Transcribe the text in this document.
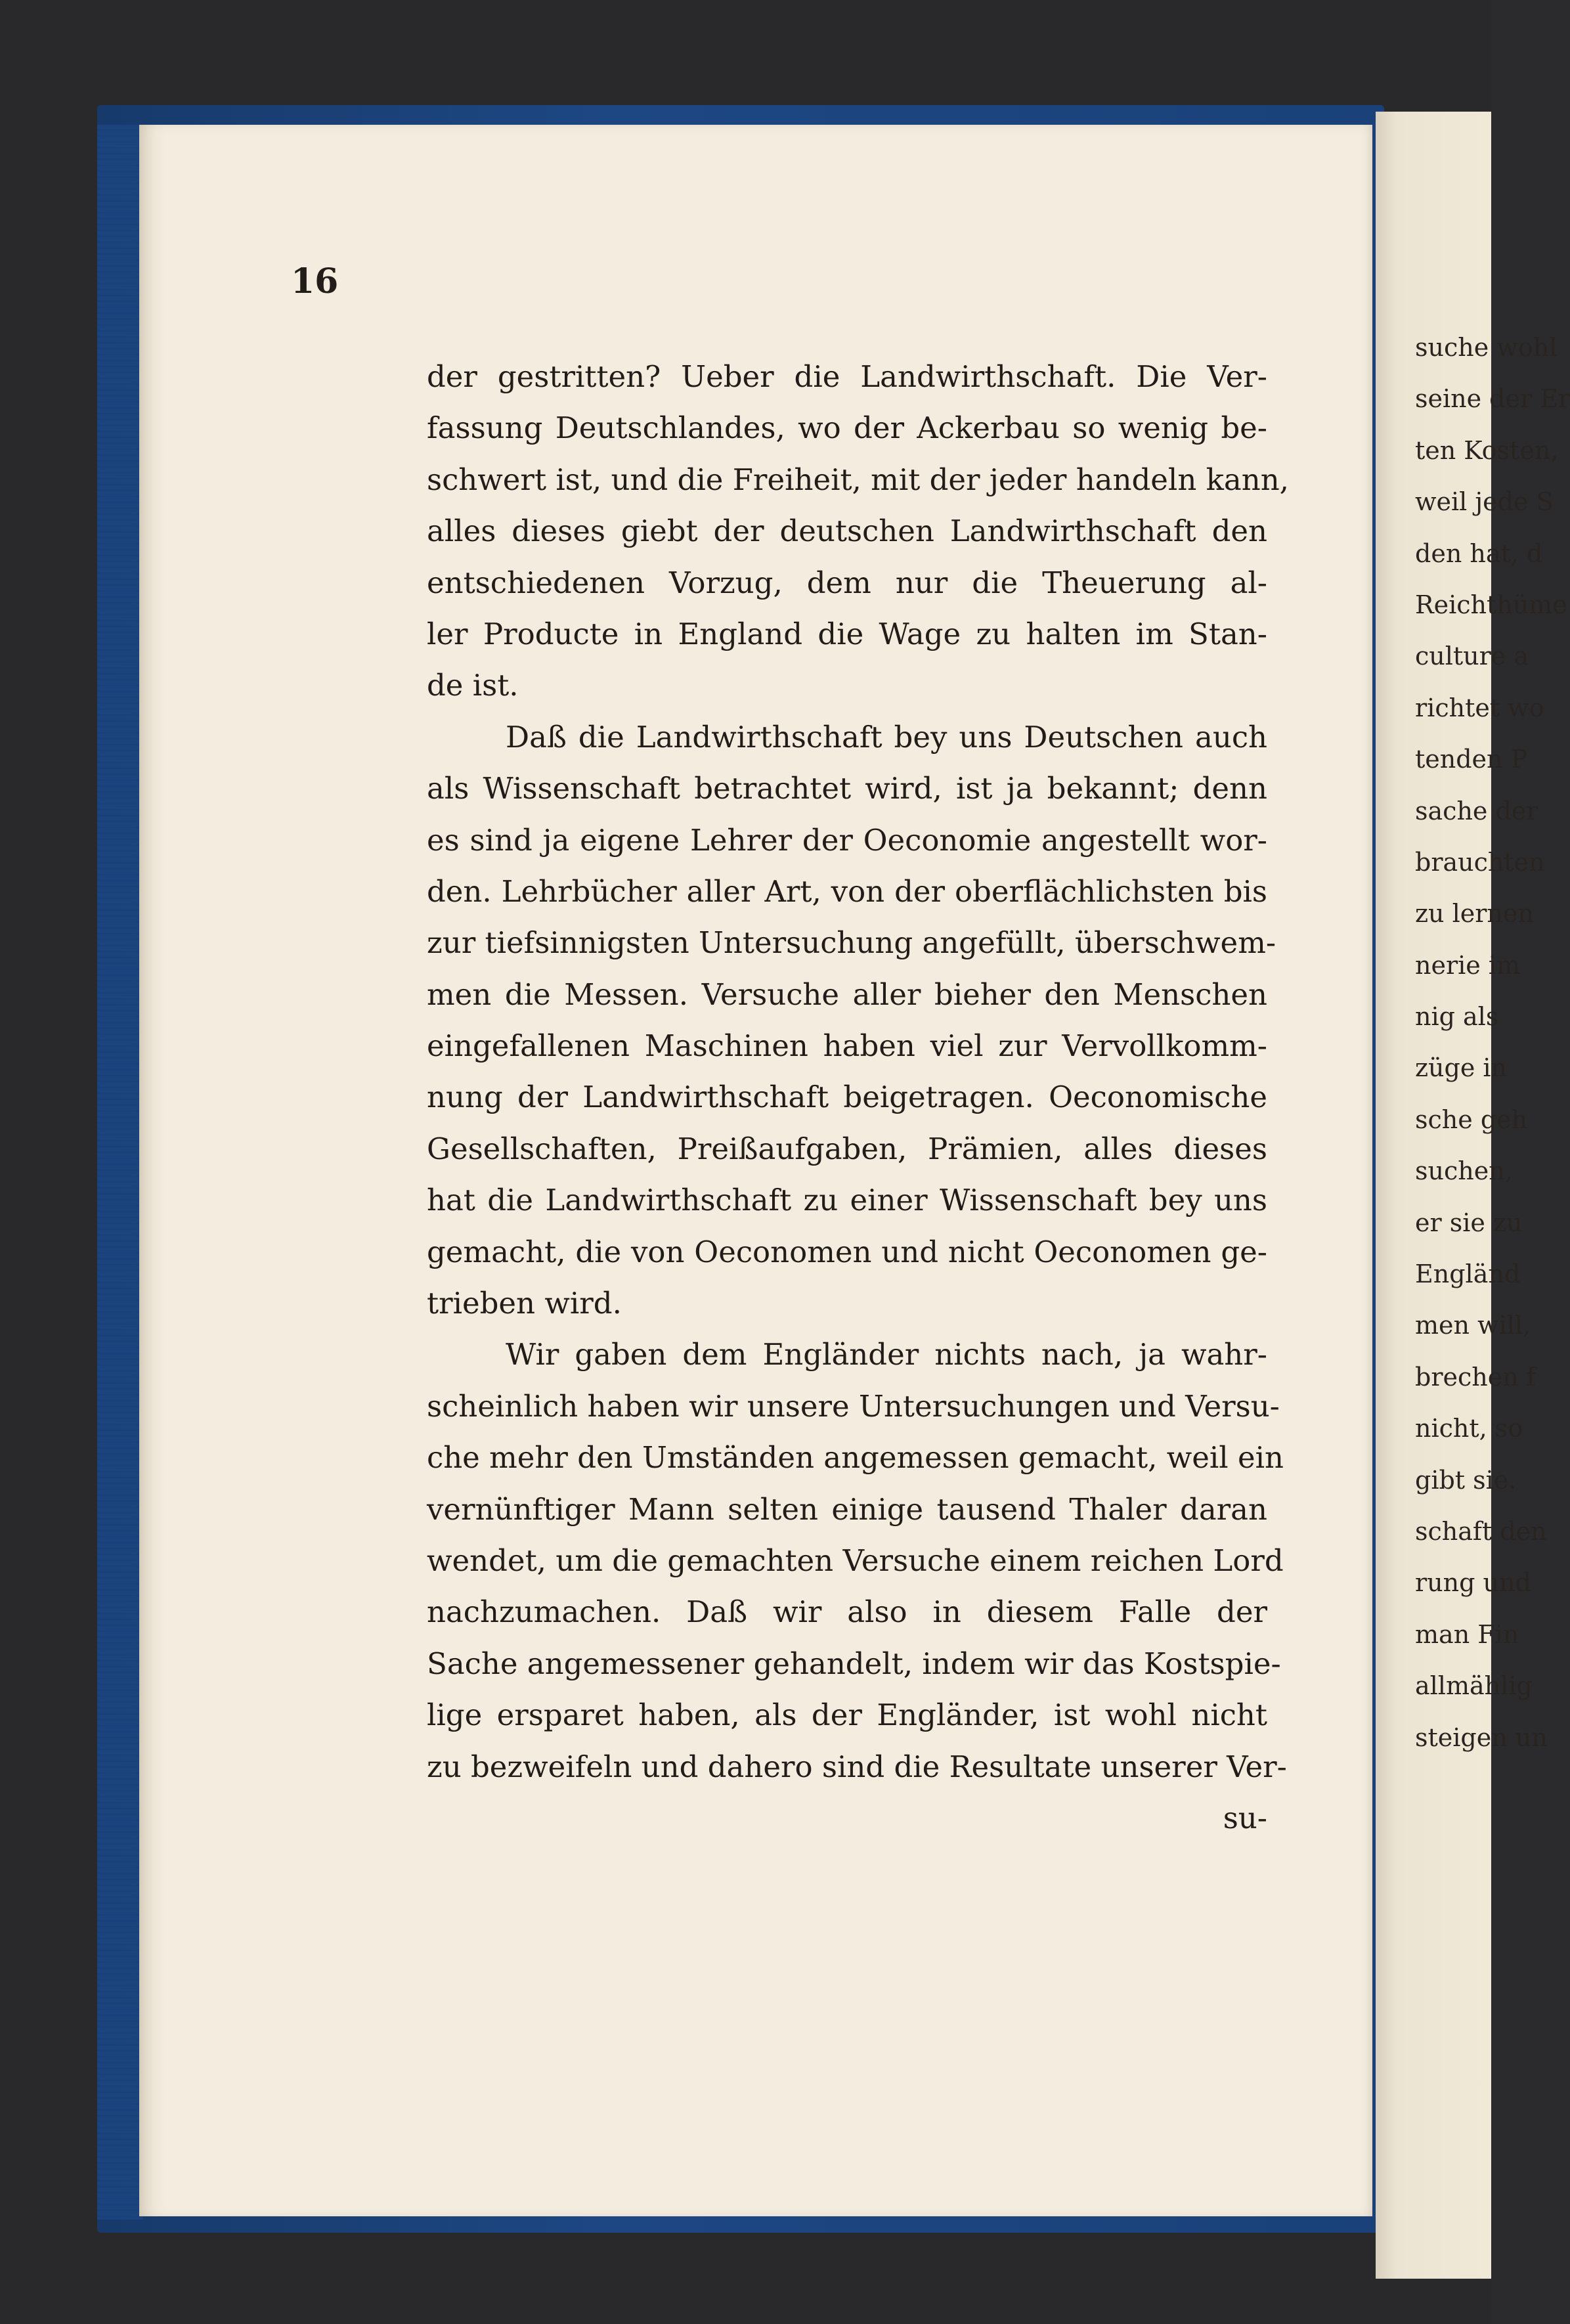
suche wohl
seine der Er
ten Kosten,
weil jede S
den hat, d
Reichthüme
culture a
richtet wo
tenden P
sache der
brauchten
zu lernen
nerie im
nig als
züge in
sche geh
suchen,
er sie zu
Engländ
men will,
brechen f
nicht, so
gibt sie.
schaft den
rung und
man Fin
allmählig
steigen un

16

der gestritten? Ueber die Landwirthschaft. Die Ver-
fassung Deutschlandes, wo der Ackerbau so wenig be-
schwert ist, und die Freiheit, mit der jeder handeln kann,
alles dieses giebt der deutschen Landwirthschaft den
entschiedenen Vorzug, dem nur die Theuerung al-
ler Producte in England die Wage zu halten im Stan-
de ist.
Daß die Landwirthschaft bey uns Deutschen auch
als Wissenschaft betrachtet wird, ist ja bekannt; denn
es sind ja eigene Lehrer der Oeconomie angestellt wor-
den. Lehrbücher aller Art, von der oberflächlichsten bis
zur tiefsinnigsten Untersuchung angefüllt, überschwem-
men die Messen. Versuche aller bieher den Menschen
eingefallenen Maschinen haben viel zur Vervollkomm-
nung der Landwirthschaft beigetragen. Oeconomische
Gesellschaften, Preißaufgaben, Prämien, alles dieses
hat die Landwirthschaft zu einer Wissenschaft bey uns
gemacht, die von Oeconomen und nicht Oeconomen ge-
trieben wird.
Wir gaben dem Engländer nichts nach, ja wahr-
scheinlich haben wir unsere Untersuchungen und Versu-
che mehr den Umständen angemessen gemacht, weil ein
vernünftiger Mann selten einige tausend Thaler daran
wendet, um die gemachten Versuche einem reichen Lord
nachzumachen. Daß wir also in diesem Falle der
Sache angemessener gehandelt, indem wir das Kostspie-
lige ersparet haben, als der Engländer, ist wohl nicht
zu bezweifeln und dahero sind die Resultate unserer Ver-
su-
